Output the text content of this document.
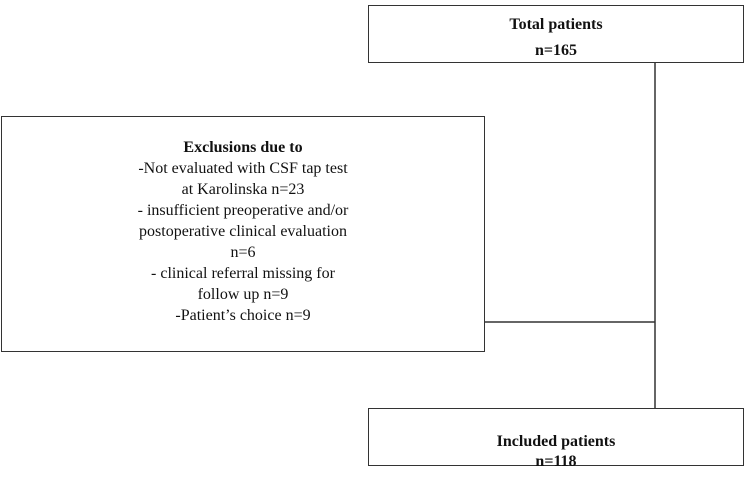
Total patients
n=165
Exclusions due to
-Not evaluated with CSF tap test
at Karolinska n=23
- insufficient preoperative and/or
postoperative clinical evaluation
n=6
- clinical referral missing for
follow up n=9
-Patient’s choice n=9
Included patients
n=118
